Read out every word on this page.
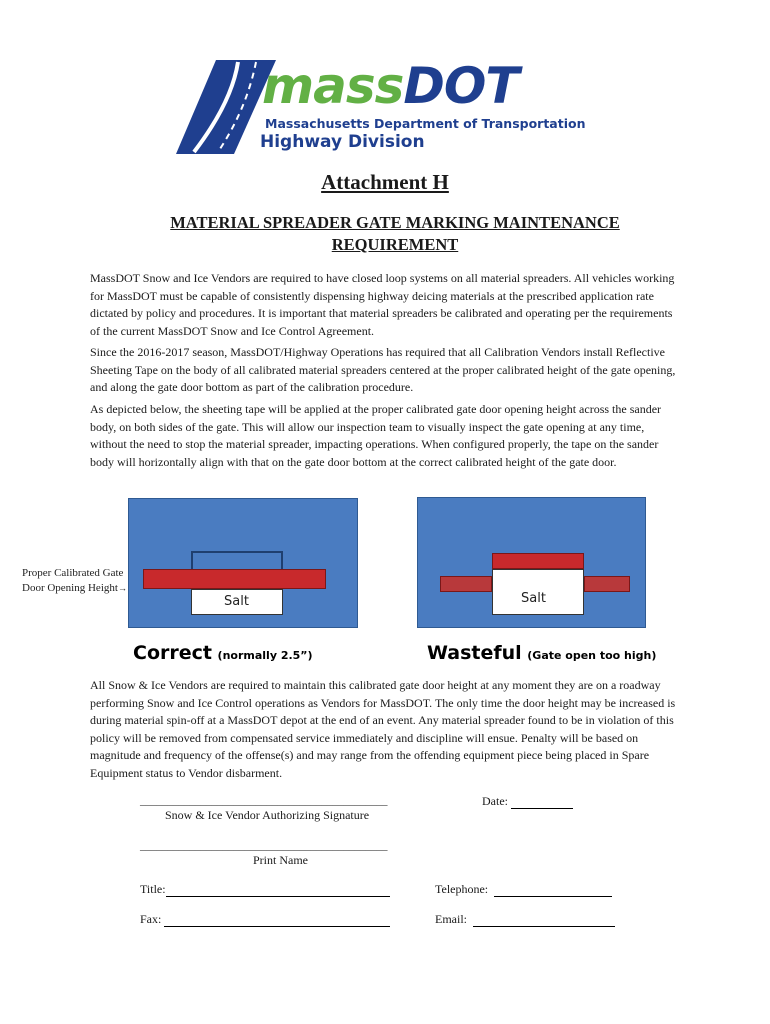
massDOT
Massachusetts Department of Transportation
Highway Division
Attachment H
MATERIAL SPREADER GATE MARKING MAINTENANCE REQUIREMENT
MassDOT Snow and Ice Vendors are required to have closed loop systems on all material spreaders. All vehicles working for MassDOT must be capable of consistently dispensing highway deicing materials at the prescribed application rate dictated by policy and procedures. It is important that material spreaders be calibrated and operating per the requirements of the current MassDOT Snow and Ice Control Agreement.
Since the 2016-2017 season, MassDOT/Highway Operations has required that all Calibration Vendors install Reflective Sheeting Tape on the body of all calibrated material spreaders centered at the proper calibrated height of the gate opening, and along the gate door bottom as part of the calibration procedure.
As depicted below, the sheeting tape will be applied at the proper calibrated gate door opening height across the sander body, on both sides of the gate. This will allow our inspection team to visually inspect the gate opening at any time, without the need to stop the material spreader, impacting operations. When configured properly, the tape on the sander body will horizontally align with that on the gate door bottom at the correct calibrated height of the gate door.
Salt
Proper Calibrated Gate
Door Opening Height→
Salt
Correct (normally 2.5”)	Wasteful (Gate open too high)
All Snow & Ice Vendors are required to maintain this calibrated gate door height at any moment they are on a roadway performing Snow and Ice Control operations as Vendors for MassDOT. The only time the door height may be increased is during material spin-off at a MassDOT depot at the end of an event. Any material spreader found to be in violation of this policy will be removed from compensated service immediately and discipline will ensue. Penalty will be based on magnitude and frequency of the offense(s) and may range from the offending equipment piece being placed in Spare Equipment status to Vendor disbarment.
_____________________________________________
Snow & Ice Vendor Authorizing Signature
Date:
_____________________________________________
Print Name
Title:	Telephone:
Fax:	Email:
